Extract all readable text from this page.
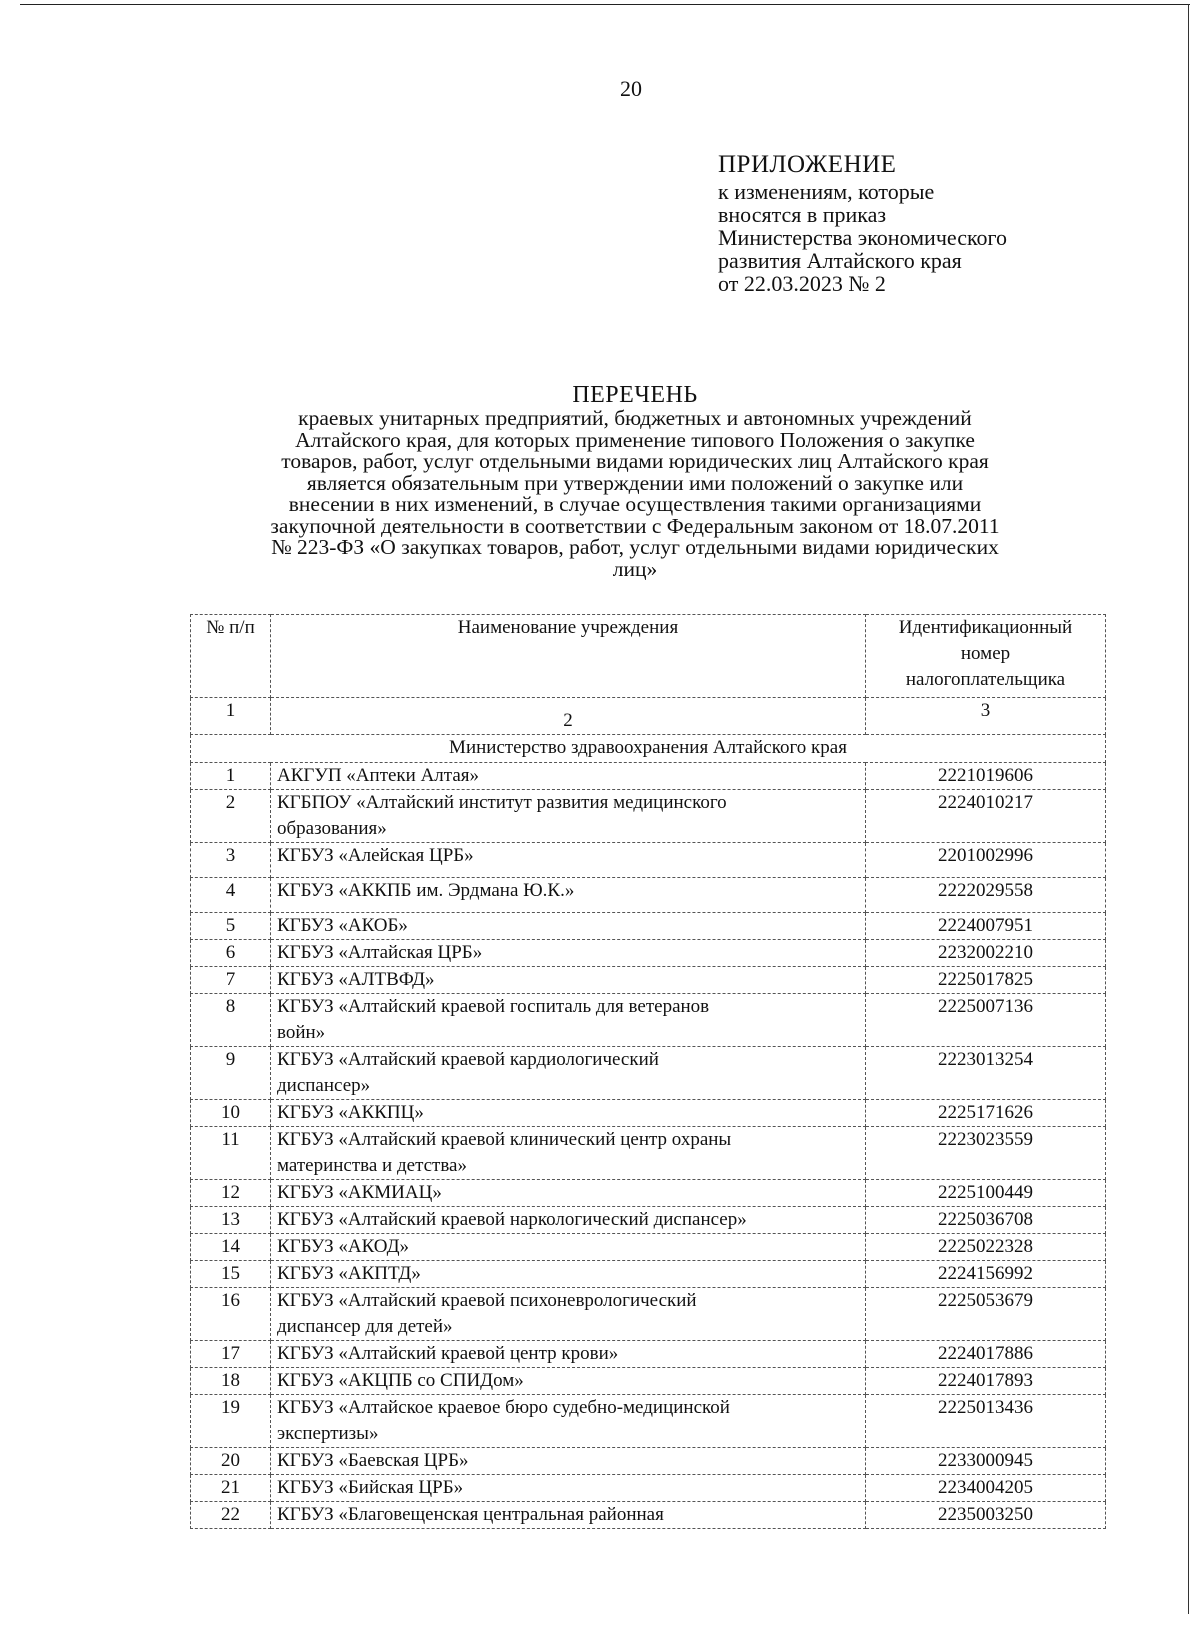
20
ПРИЛОЖЕНИЕ
к изменениям, которые
вносятся в приказ
Министерства экономического
развития Алтайского края
от 22.03.2023 № 2
ПЕРЕЧЕНЬ
краевых унитарных предприятий, бюджетных и автономных учреждений
Алтайского края, для которых применение типового Положения о закупке
товаров, работ, услуг отдельными видами юридических лиц Алтайского края
является обязательным при утверждении ими положений о закупке или
внесении в них изменений, в случае осуществления такими организациями
закупочной деятельности в соответствии с Федеральным законом от 18.07.2011
№ 223-ФЗ «О закупках товаров, работ, услуг отдельными видами юридических
лиц»
№ п/п	Наименование учреждения	Идентификационный
номер
налогоплательщика

1	2	3
Министерство здравоохранения Алтайского края		
1	АКГУП «Аптеки Алтая»	2221019606
2	КГБПОУ «Алтайский институт развития медицинского
образования»	2224010217
3	КГБУЗ «Алейская ЦРБ»	2201002996
4	КГБУЗ «АККПБ им. Эрдмана Ю.К.»	2222029558
5	КГБУЗ «АКОБ»	2224007951
6	КГБУЗ «Алтайская ЦРБ»	2232002210
7	КГБУЗ «АЛТВФД»	2225017825
8	КГБУЗ «Алтайский краевой госпиталь для ветеранов
войн»	2225007136
9	КГБУЗ «Алтайский краевой кардиологический
диспансер»	2223013254
10	КГБУЗ «АККПЦ»	2225171626
11	КГБУЗ «Алтайский краевой клинический центр охраны
материнства и детства»	2223023559
12	КГБУЗ «АКМИАЦ»	2225100449
13	КГБУЗ «Алтайский краевой наркологический диспансер»	2225036708
14	КГБУЗ «АКОД»	2225022328
15	КГБУЗ «АКПТД»	2224156992
16	КГБУЗ «Алтайский краевой психоневрологический
диспансер для детей»	2225053679
17	КГБУЗ «Алтайский краевой центр крови»	2224017886
18	КГБУЗ «АКЦПБ со СПИДом»	2224017893
19	КГБУЗ «Алтайское краевое бюро судебно-медицинской
экспертизы»	2225013436
20	КГБУЗ «Баевская ЦРБ»	2233000945
21	КГБУЗ «Бийская ЦРБ»	2234004205
22	КГБУЗ «Благовещенская центральная районная	2235003250
